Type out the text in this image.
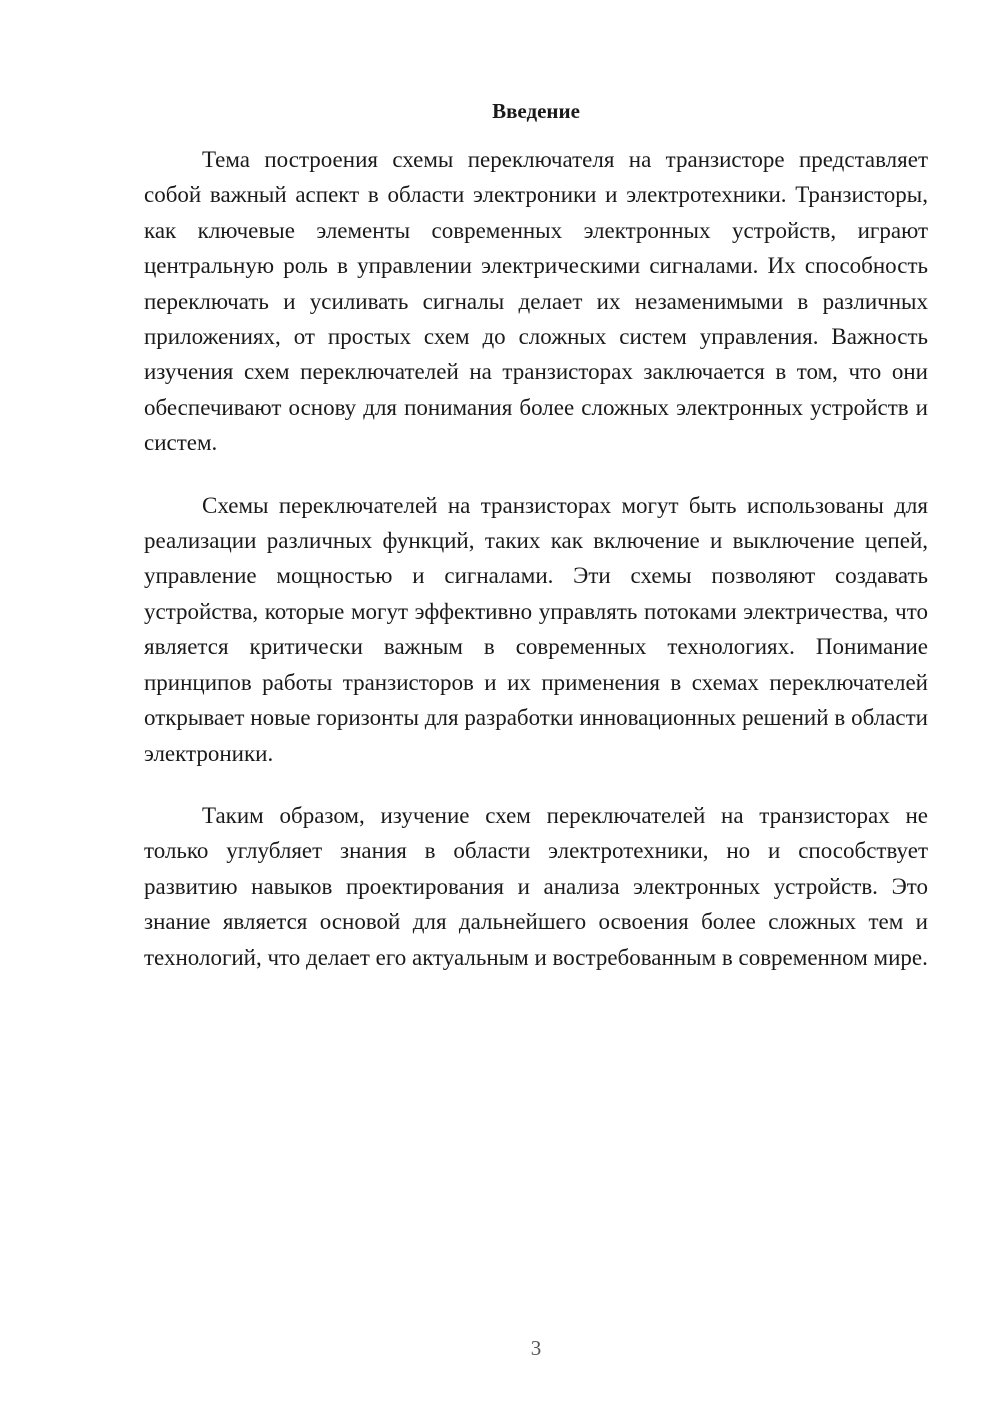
Введение

Тема построения схемы переключателя на транзисторе представляет собой важный аспект в области электроники и электротехники. Транзисторы, как ключевые элементы современных электронных устройств, играют центральную роль в управлении электрическими сигналами. Их способность переключать и усиливать сигналы делает их незаменимыми в различных приложениях, от простых схем до сложных систем управления. Важность изучения схем переключателей на транзисторах заключается в том, что они обеспечивают основу для понимания более сложных электронных устройств и систем.

Схемы переключателей на транзисторах могут быть использованы для реализации различных функций, таких как включение и выключение цепей, управление мощностью и сигналами. Эти схемы позволяют создавать устройства, которые могут эффективно управлять потоками электричества, что является критически важным в современных технологиях. Понимание принципов работы транзисторов и их применения в схемах переключателей открывает новые горизонты для разработки инновационных решений в области электроники.

Таким образом, изучение схем переключателей на транзисторах не только углубляет знания в области электротехники, но и способствует развитию навыков проектирования и анализа электронных устройств. Это знание является основой для дальнейшего освоения более сложных тем и технологий, что делает его актуальным и востребованным в современном мире.

3
